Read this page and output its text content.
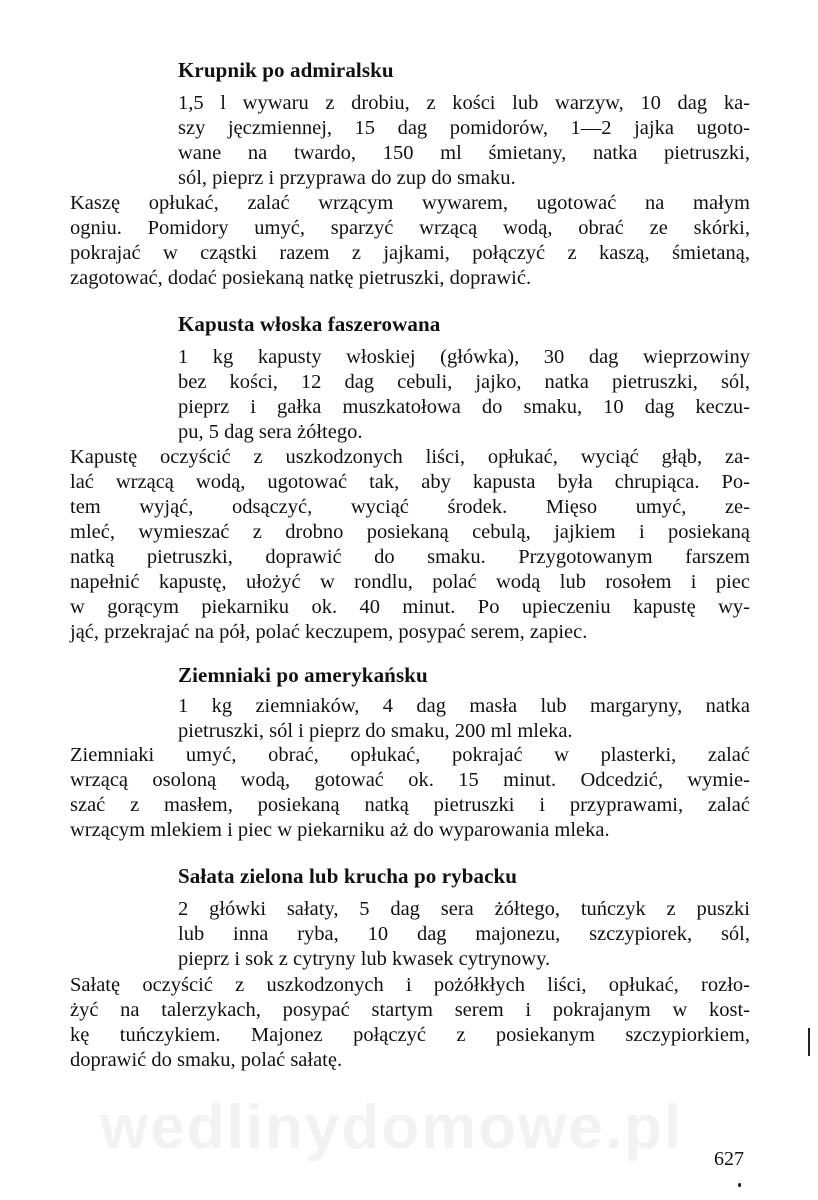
Krupnik po admiralsku
1,5 l wywaru z drobiu, z kości lub warzyw, 10 dag ka-
szy jęczmiennej, 15 dag pomidorów, 1—2 jajka ugoto-
wane na twardo, 150 ml śmietany, natka pietruszki,
sól, pieprz i przyprawa do zup do smaku.
Kaszę opłukać, zalać wrzącym wywarem, ugotować na małym
ogniu. Pomidory umyć, sparzyć wrzącą wodą, obrać ze skórki,
pokrajać w cząstki razem z jajkami, połączyć z kaszą, śmietaną,
zagotować, dodać posiekaną natkę pietruszki, doprawić.
Kapusta włoska faszerowana
1 kg kapusty włoskiej (główka), 30 dag wieprzowiny
bez kości, 12 dag cebuli, jajko, natka pietruszki, sól,
pieprz i gałka muszkatołowa do smaku, 10 dag keczu-
pu, 5 dag sera żółtego.
Kapustę oczyścić z uszkodzonych liści, opłukać, wyciąć głąb, za-
lać wrzącą wodą, ugotować tak, aby kapusta była chrupiąca. Po-
tem wyjąć, odsączyć, wyciąć środek. Mięso umyć, ze-
mleć, wymieszać z drobno posiekaną cebulą, jajkiem i posiekaną
natką pietruszki, doprawić do smaku. Przygotowanym farszem
napełnić kapustę, ułożyć w rondlu, polać wodą lub rosołem i piec
w gorącym piekarniku ok. 40 minut. Po upieczeniu kapustę wy-
jąć, przekrajać na pół, polać keczupem, posypać serem, zapiec.
Ziemniaki po amerykańsku
1 kg ziemniaków, 4 dag masła lub margaryny, natka
pietruszki, sól i pieprz do smaku, 200 ml mleka.
Ziemniaki umyć, obrać, opłukać, pokrajać w plasterki, zalać
wrzącą osoloną wodą, gotować ok. 15 minut. Odcedzić, wymie-
szać z masłem, posiekaną natką pietruszki i przyprawami, zalać
wrzącym mlekiem i piec w piekarniku aż do wyparowania mleka.
Sałata zielona lub krucha po rybacku
2 główki sałaty, 5 dag sera żółtego, tuńczyk z puszki
lub inna ryba, 10 dag majonezu, szczypiorek, sól,
pieprz i sok z cytryny lub kwasek cytrynowy.
Sałatę oczyścić z uszkodzonych i pożółkłych liści, opłukać, rozło-
żyć na talerzykach, posypać startym serem i pokrajanym w kost-
kę tuńczykiem. Majonez połączyć z posiekanym szczypiorkiem,
doprawić do smaku, polać sałatę.
wedlinydomowe.pl 627
